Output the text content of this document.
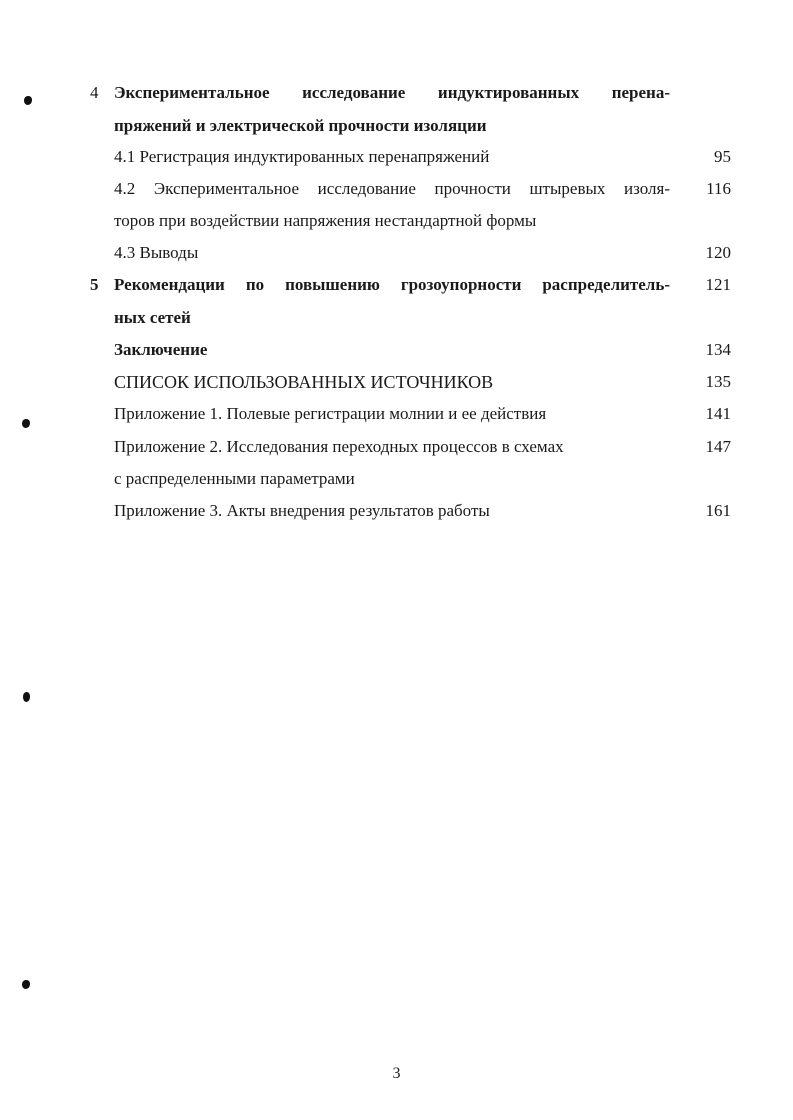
4 Экспериментальное исследование индуктированных перена-
пряжений и электрической прочности изоляции
4.1 Регистрация индуктированных перенапряжений	95
4.2 Экспериментальное исследование прочности штыревых изоля-	116
торов при воздействии напряжения нестандартной формы
4.3 Выводы	120
5 Рекомендации по повышению грозоупорности распределитель-	121
ных сетей
Заключение	134
СПИСОК ИСПОЛЬЗОВАННЫХ ИСТОЧНИКОВ	135
Приложение 1. Полевые регистрации молнии и ее действия	141
Приложение 2. Исследования переходных процессов в схемах	147
с распределенными параметрами
Приложение 3. Акты внедрения результатов работы	161
3
